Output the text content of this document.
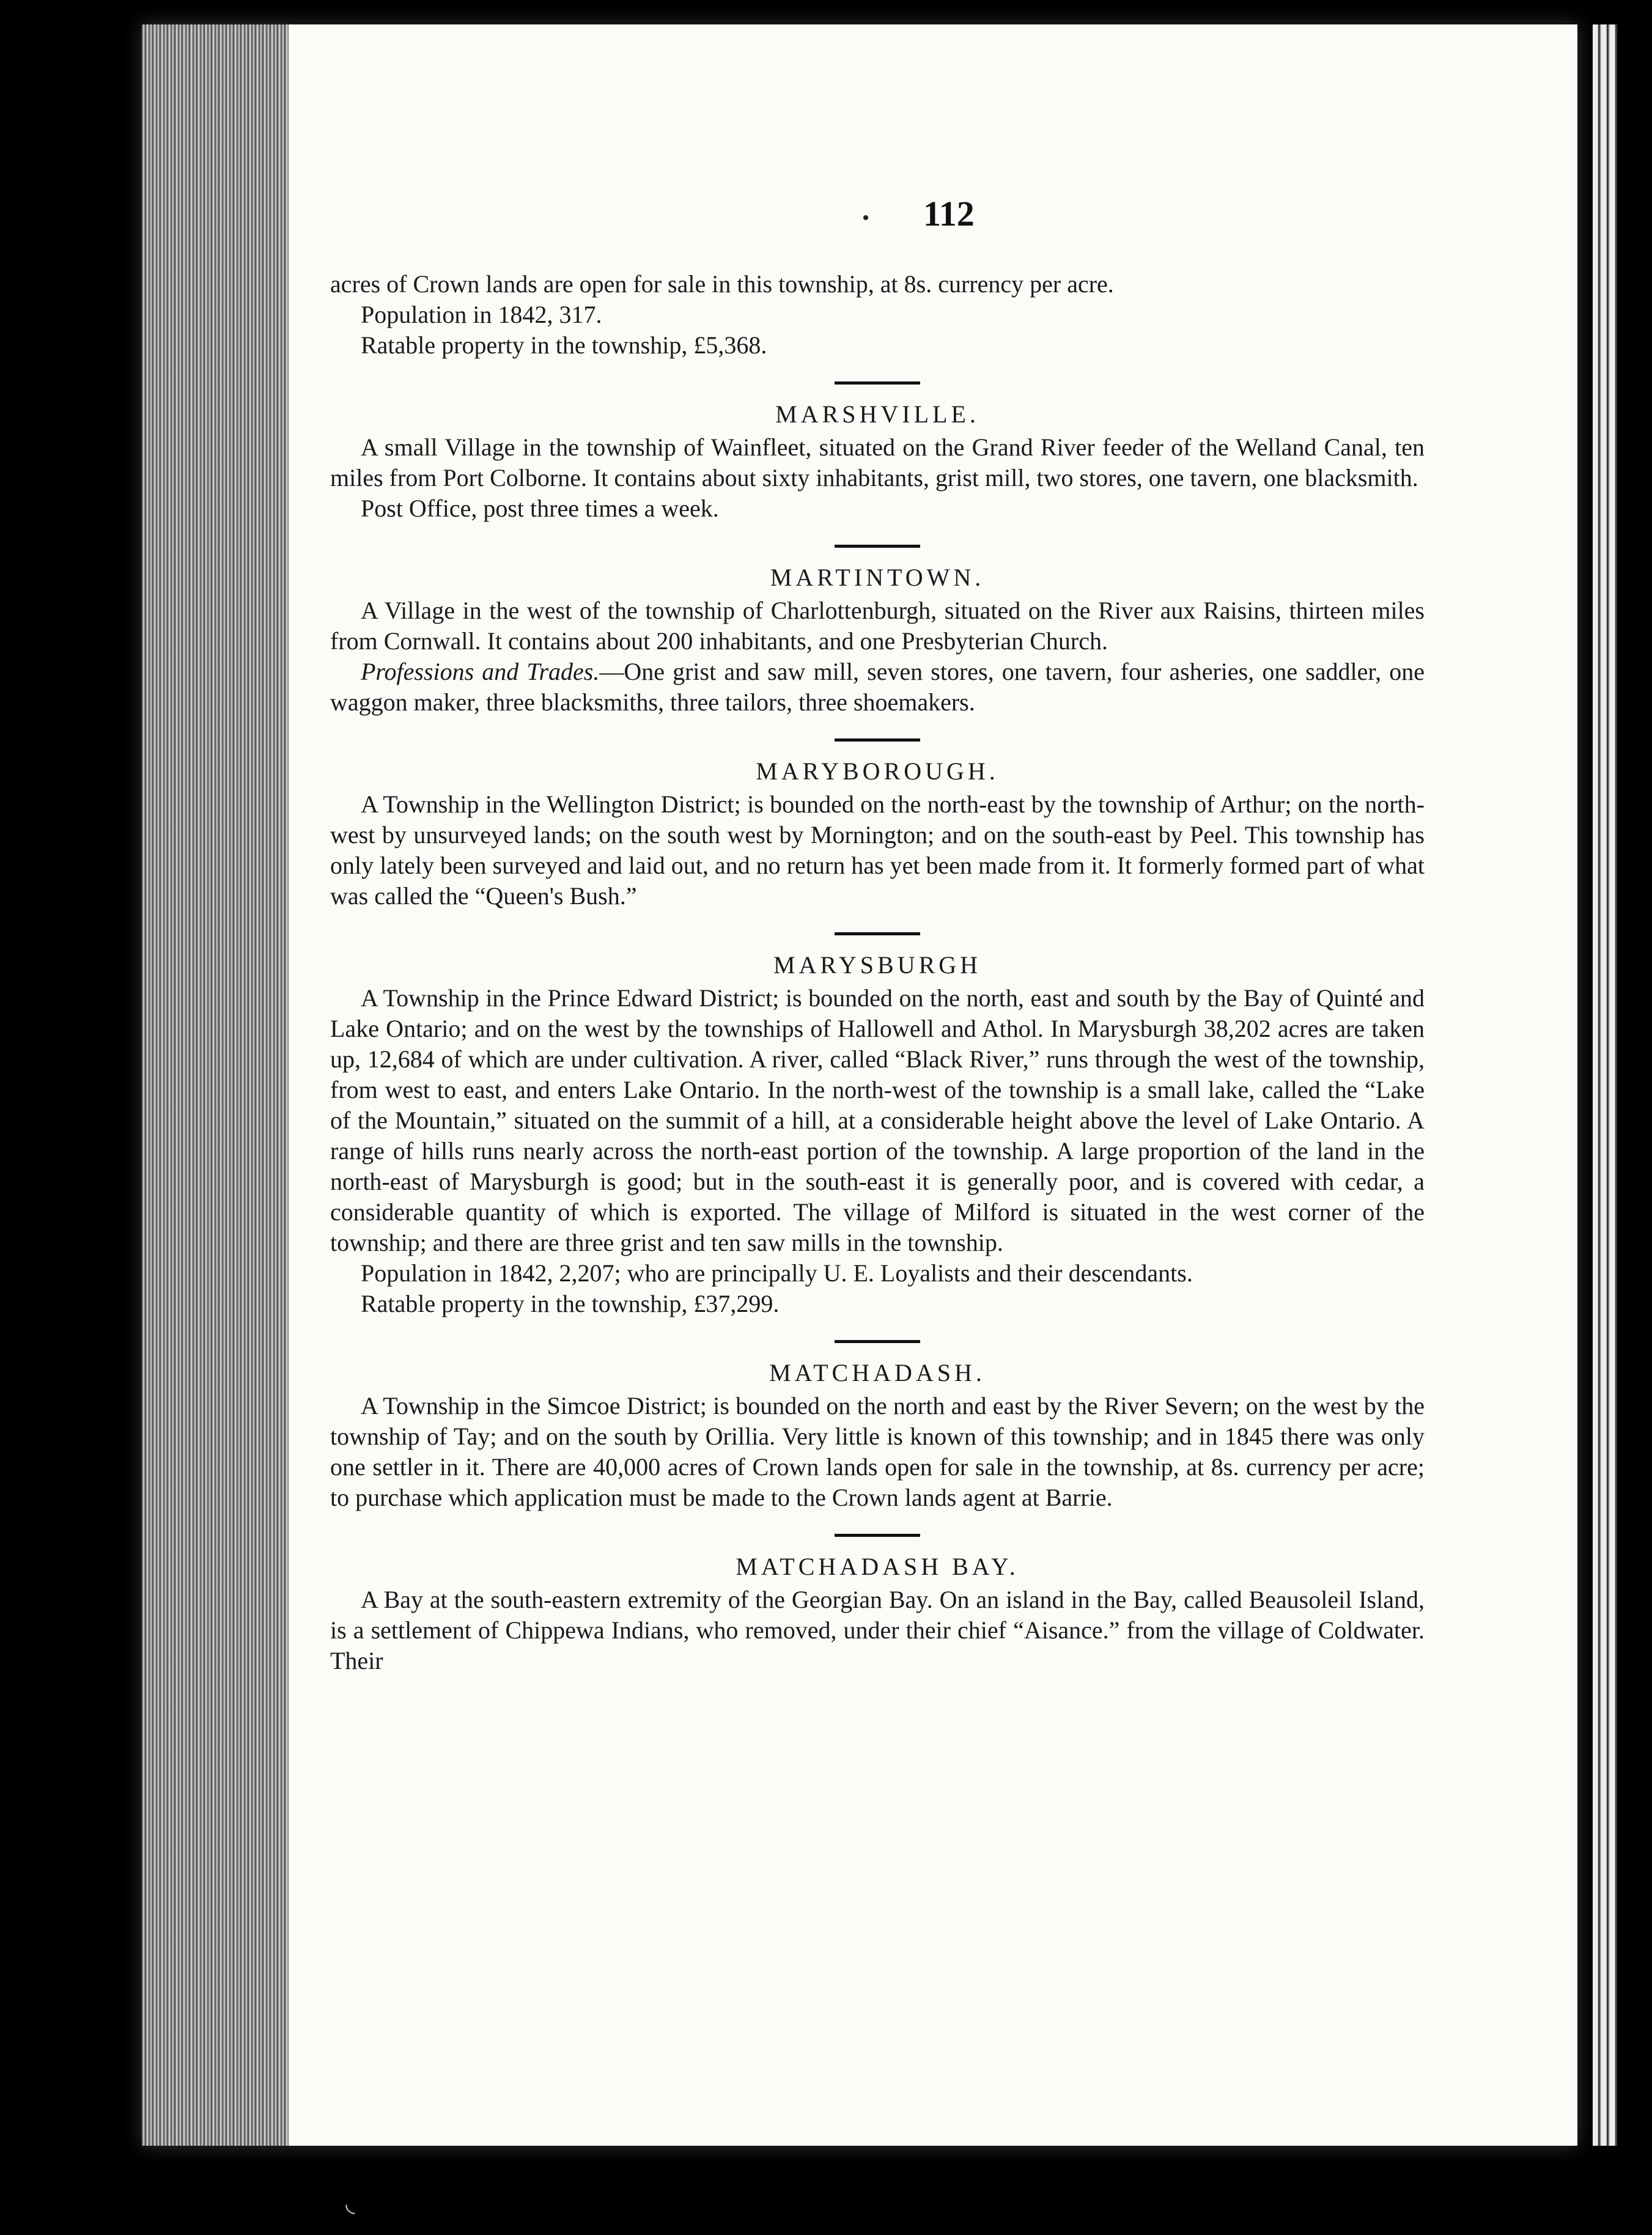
112

acres of Crown lands are open for sale in this township, at 8s. currency per acre.

Population in 1842, 317.

Ratable property in the township, £5,368.

MARSHVILLE.

A small Village in the township of Wainfleet, situated on the Grand River feeder of the Welland Canal, ten miles from Port Colborne. It contains about sixty inhabitants, grist mill, two stores, one tavern, one blacksmith.

Post Office, post three times a week.

MARTINTOWN.

A Village in the west of the township of Charlottenburgh, situated on the River aux Raisins, thirteen miles from Cornwall. It contains about 200 inhabitants, and one Presbyterian Church.

Professions and Trades.—One grist and saw mill, seven stores, one tavern, four asheries, one saddler, one waggon maker, three blacksmiths, three tailors, three shoemakers.

MARYBOROUGH.

A Township in the Wellington District; is bounded on the north-east by the township of Arthur; on the north-west by unsurveyed lands; on the south west by Mornington; and on the south-east by Peel. This township has only lately been surveyed and laid out, and no return has yet been made from it. It formerly formed part of what was called the “Queen's Bush.”

MARYSBURGH

A Township in the Prince Edward District; is bounded on the north, east and south by the Bay of Quinté and Lake Ontario; and on the west by the townships of Hallowell and Athol. In Marysburgh 38,202 acres are taken up, 12,684 of which are under cultivation. A river, called “Black River,” runs through the west of the township, from west to east, and enters Lake Ontario. In the north-west of the township is a small lake, called the “Lake of the Mountain,” situated on the summit of a hill, at a considerable height above the level of Lake Ontario. A range of hills runs nearly across the north-east portion of the township. A large proportion of the land in the north-east of Marysburgh is good; but in the south-east it is generally poor, and is covered with cedar, a considerable quantity of which is exported. The village of Milford is situated in the west corner of the township; and there are three grist and ten saw mills in the township.

Population in 1842, 2,207; who are principally U. E. Loyalists and their descendants.

Ratable property in the township, £37,299.

MATCHADASH.

A Township in the Simcoe District; is bounded on the north and east by the River Severn; on the west by the township of Tay; and on the south by Orillia. Very little is known of this township; and in 1845 there was only one settler in it. There are 40,000 acres of Crown lands open for sale in the township, at 8s. currency per acre; to purchase which application must be made to the Crown lands agent at Barrie.

MATCHADASH BAY.

A Bay at the south-eastern extremity of the Georgian Bay. On an island in the Bay, called Beausoleil Island, is a settlement of Chippewa Indians, who removed, under their chief “Aisance.” from the village of Coldwater. Their

◟
